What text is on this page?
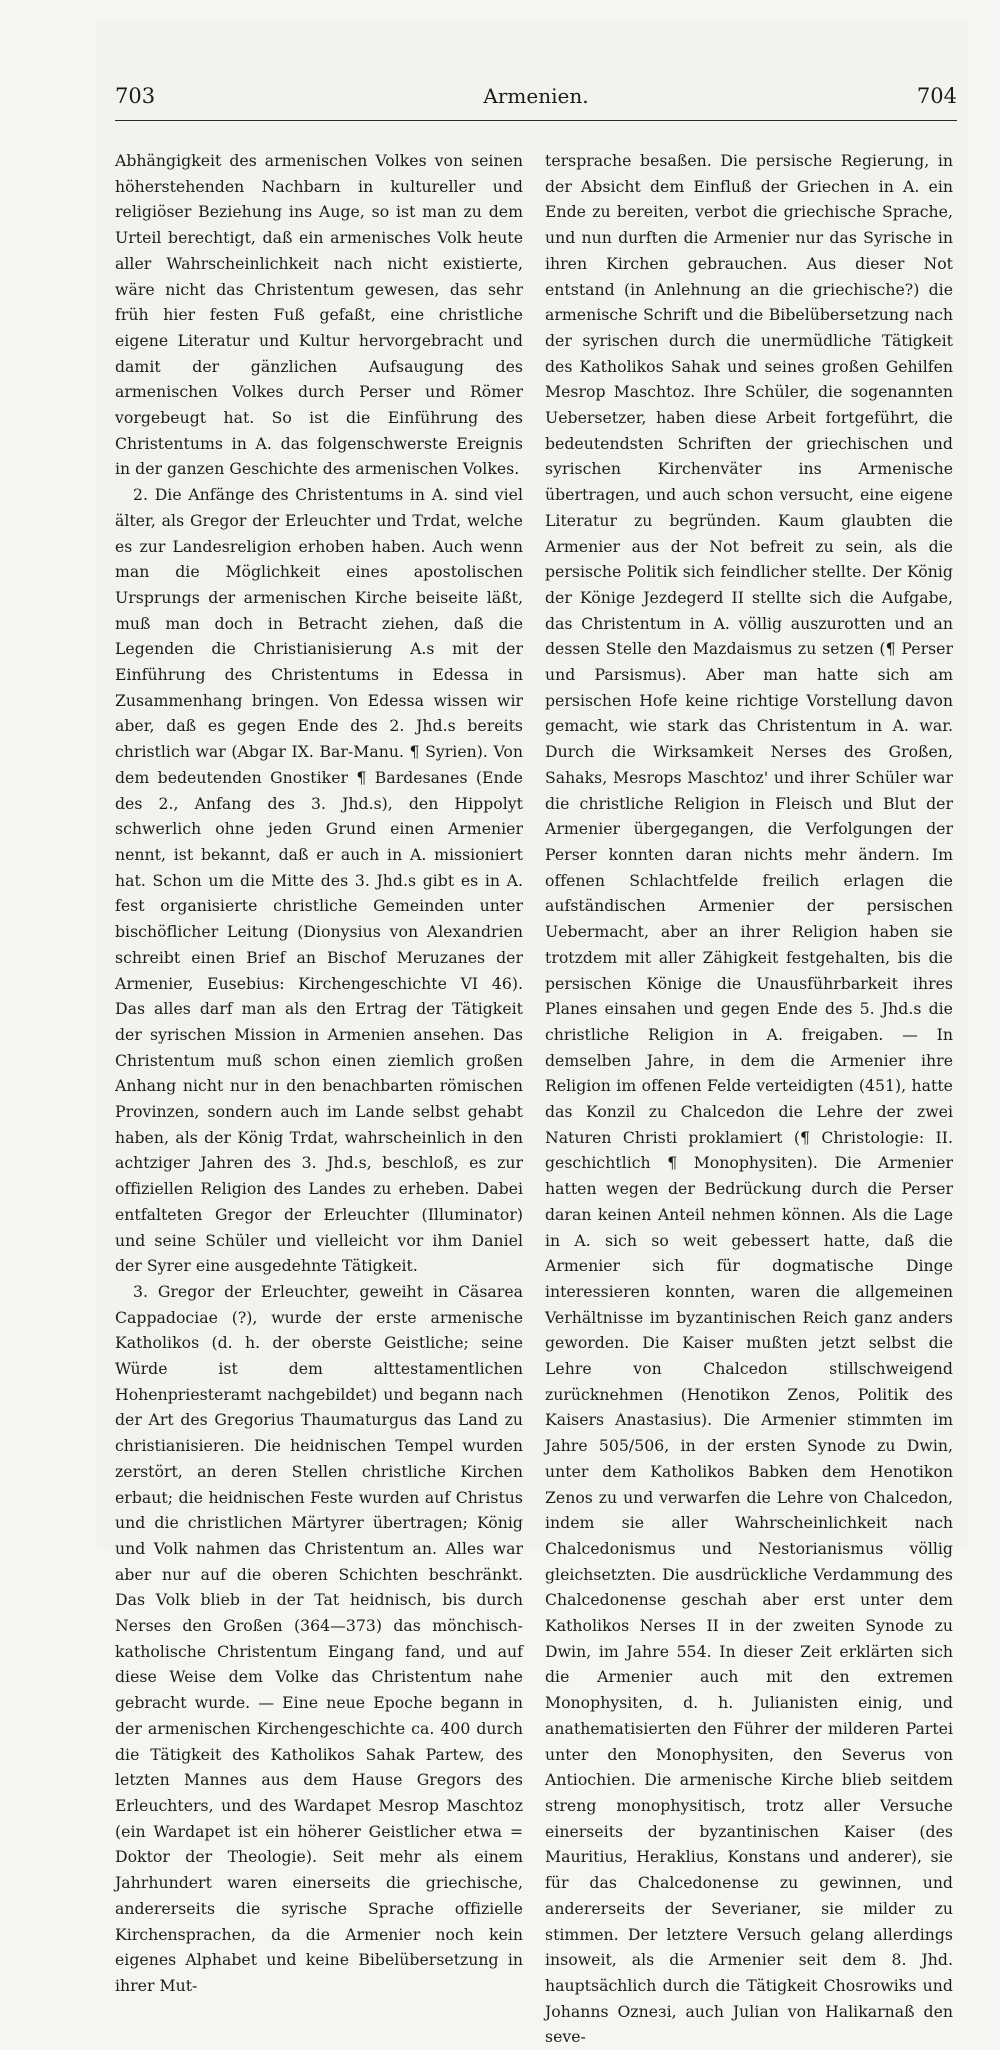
703	Armenien.	704

Abhängigkeit des armenischen Volkes von seinen höherstehenden Nachbarn in kultureller und religiöser Beziehung ins Auge, so ist man zu dem Urteil berechtigt, daß ein armenisches Volk heute aller Wahrscheinlichkeit nach nicht existierte, wäre nicht das Christentum gewesen, das sehr früh hier festen Fuß gefaßt, eine christliche eigene Literatur und Kultur hervorgebracht und damit der gänzlichen Aufsaugung des armenischen Volkes durch Perser und Römer vorgebeugt hat. So ist die Einführung des Christentums in A. das folgenschwerste Ereignis in der ganzen Geschichte des armenischen Volkes.

2. Die Anfänge des Christentums in A. sind viel älter, als Gregor der Erleuchter und Trdat, welche es zur Landesreligion erhoben haben. Auch wenn man die Möglichkeit eines apostolischen Ursprungs der armenischen Kirche beiseite läßt, muß man doch in Betracht ziehen, daß die Legenden die Christianisierung A.s mit der Einführung des Christentums in Edessa in Zusammenhang bringen. Von Edessa wissen wir aber, daß es gegen Ende des 2. Jhd.s bereits christlich war (Abgar IX. Bar-Manu. ¶ Syrien). Von dem bedeutenden Gnostiker ¶ Bardesanes (Ende des 2., Anfang des 3. Jhd.s), den Hippolyt schwerlich ohne jeden Grund einen Armenier nennt, ist bekannt, daß er auch in A. missioniert hat. Schon um die Mitte des 3. Jhd.s gibt es in A. fest organisierte christliche Gemeinden unter bischöflicher Leitung (Dionysius von Alexandrien schreibt einen Brief an Bischof Meruzanes der Armenier, Eusebius: Kirchengeschichte VI 46). Das alles darf man als den Ertrag der Tätigkeit der syrischen Mission in Armenien ansehen. Das Christentum muß schon einen ziemlich großen Anhang nicht nur in den benachbarten römischen Provinzen, sondern auch im Lande selbst gehabt haben, als der König Trdat, wahrscheinlich in den achtziger Jahren des 3. Jhd.s, beschloß, es zur offiziellen Religion des Landes zu erheben. Dabei entfalteten Gregor der Erleuchter (Illuminator) und seine Schüler und vielleicht vor ihm Daniel der Syrer eine ausgedehnte Tätigkeit.

3. Gregor der Erleuchter, geweiht in Cäsarea Cappadociae (?), wurde der erste armenische Katholikos (d. h. der oberste Geistliche; seine Würde ist dem alttestamentlichen Hohenpriesteramt nachgebildet) und begann nach der Art des Gregorius Thaumaturgus das Land zu christianisieren. Die heidnischen Tempel wurden zerstört, an deren Stellen christliche Kirchen erbaut; die heidnischen Feste wurden auf Christus und die christlichen Märtyrer übertragen; König und Volk nahmen das Christentum an. Alles war aber nur auf die oberen Schichten beschränkt. Das Volk blieb in der Tat heidnisch, bis durch Nerses den Großen (364—373) das mönchisch-katholische Christentum Eingang fand, und auf diese Weise dem Volke das Christentum nahe gebracht wurde. — Eine neue Epoche begann in der armenischen Kirchengeschichte ca. 400 durch die Tätigkeit des Katholikos Sahak Partew, des letzten Mannes aus dem Hause Gregors des Erleuchters, und des Wardapet Mesrop Maschtoz (ein Wardapet ist ein höherer Geistlicher etwa = Doktor der Theologie). Seit mehr als einem Jahrhundert waren einerseits die griechische, andererseits die syrische Sprache offizielle Kirchensprachen, da die Armenier noch kein eigenes Alphabet und keine Bibelübersetzung in ihrer Mut-

tersprache besaßen. Die persische Regierung, in der Absicht dem Einfluß der Griechen in A. ein Ende zu bereiten, verbot die griechische Sprache, und nun durften die Armenier nur das Syrische in ihren Kirchen gebrauchen. Aus dieser Not entstand (in Anlehnung an die griechische?) die armenische Schrift und die Bibelübersetzung nach der syrischen durch die unermüdliche Tätigkeit des Katholikos Sahak und seines großen Gehilfen Mesrop Maschtoz. Ihre Schüler, die sogenannten Uebersetzer, haben diese Arbeit fortgeführt, die bedeutendsten Schriften der griechischen und syrischen Kirchenväter ins Armenische übertragen, und auch schon versucht, eine eigene Literatur zu begründen. Kaum glaubten die Armenier aus der Not befreit zu sein, als die persische Politik sich feindlicher stellte. Der König der Könige Jezdegerd II stellte sich die Aufgabe, das Christentum in A. völlig auszurotten und an dessen Stelle den Mazdaismus zu setzen (¶ Perser und Parsismus). Aber man hatte sich am persischen Hofe keine richtige Vorstellung davon gemacht, wie stark das Christentum in A. war. Durch die Wirksamkeit Nerses des Großen, Sahaks, Mesrops Maschtoz' und ihrer Schüler war die christliche Religion in Fleisch und Blut der Armenier übergegangen, die Verfolgungen der Perser konnten daran nichts mehr ändern. Im offenen Schlachtfelde freilich erlagen die aufständischen Armenier der persischen Uebermacht, aber an ihrer Religion haben sie trotzdem mit aller Zähigkeit festgehalten, bis die persischen Könige die Unausführbarkeit ihres Planes einsahen und gegen Ende des 5. Jhd.s die christliche Religion in A. freigaben. — In demselben Jahre, in dem die Armenier ihre Religion im offenen Felde verteidigten (451), hatte das Konzil zu Chalcedon die Lehre der zwei Naturen Christi proklamiert (¶ Christologie: II. geschichtlich ¶ Monophysiten). Die Armenier hatten wegen der Bedrückung durch die Perser daran keinen Anteil nehmen können. Als die Lage in A. sich so weit gebessert hatte, daß die Armenier sich für dogmatische Dinge interessieren konnten, waren die allgemeinen Verhältnisse im byzantinischen Reich ganz anders geworden. Die Kaiser mußten jetzt selbst die Lehre von Chalcedon stillschweigend zurücknehmen (Henotikon Zenos, Politik des Kaisers Anastasius). Die Armenier stimmten im Jahre 505/506, in der ersten Synode zu Dwin, unter dem Katholikos Babken dem Henotikon Zenos zu und verwarfen die Lehre von Chalcedon, indem sie aller Wahrscheinlichkeit nach Chalcedonismus und Nestorianismus völlig gleichsetzten. Die ausdrückliche Verdammung des Chalcedonense geschah aber erst unter dem Katholikos Nerses II in der zweiten Synode zu Dwin, im Jahre 554. In dieser Zeit erklärten sich die Armenier auch mit den extremen Monophysiten, d. h. Julianisten einig, und anathematisierten den Führer der milderen Partei unter den Monophysiten, den Severus von Antiochien. Die armenische Kirche blieb seitdem streng monophysitisch, trotz aller Versuche einerseits der byzantinischen Kaiser (des Mauritius, Heraklius, Konstans und anderer), sie für das Chalcedonense zu gewinnen, und andererseits der Severianer, sie milder zu stimmen. Der letztere Versuch gelang allerdings insoweit, als die Armenier seit dem 8. Jhd. hauptsächlich durch die Tätigkeit Chosrowiks und Johanns Ozneзi, auch Julian von Halikarnaß den seve-
